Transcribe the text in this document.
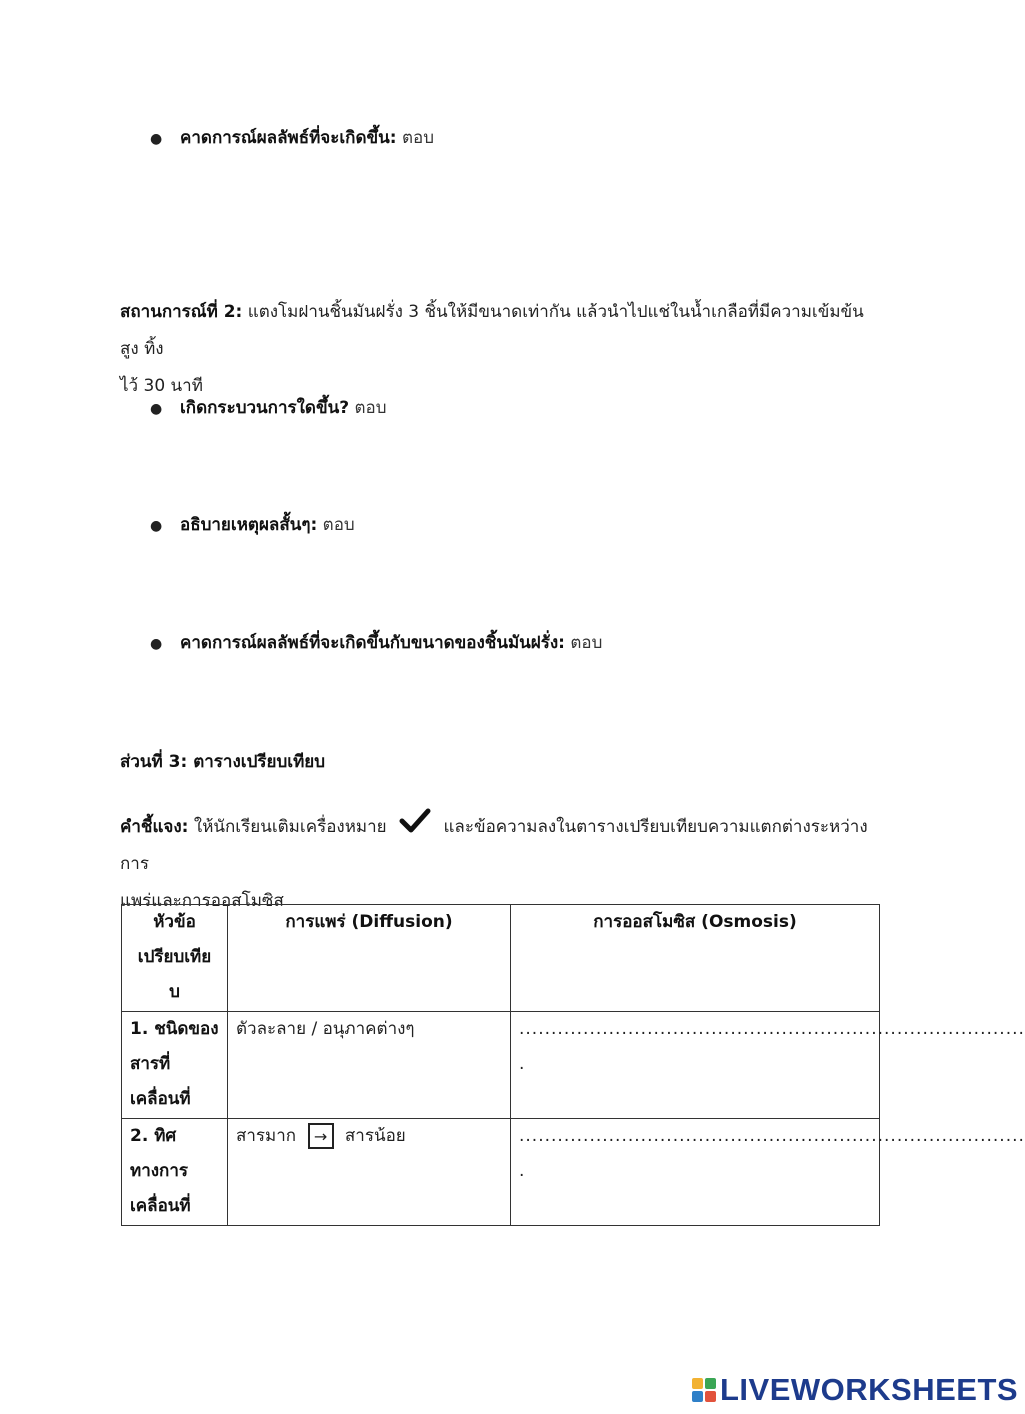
●	คาดการณ์ผลลัพธ์ที่จะเกิดขึ้น:
ตอบ
สถานการณ์ที่ 2: แตงโมฝานชิ้นมันฝรั่ง 3 ชิ้นให้มีขนาดเท่ากัน แล้วนำไปแช่ในน้ำเกลือที่มีความเข้มข้นสูง ทิ้ง
ไว้ 30 นาที
●	เกิดกระบวนการใดขึ้น?
ตอบ
●	อธิบายเหตุผลสั้นๆ:
ตอบ
●	คาดการณ์ผลลัพธ์ที่จะเกิดขึ้นกับขนาดของชิ้นมันฝรั่ง:
ตอบ
ส่วนที่ 3: ตารางเปรียบเทียบ
คำชี้แจง: ให้นักเรียนเติมเครื่องหมาย	และข้อความลงในตารางเปรียบเทียบความแตกต่างระหว่างการ
แพร่และการออสโมซิส
หัวข้อ
เปรียบเทีย
บ	การแพร่ (Diffusion)	การออสโมซิส (Osmosis)
1. ชนิดของ
สารที่
เคลื่อนที่	ตัวละลาย / อนุภาคต่างๆ	...............................................................................
.
2. ทิศ
ทางการ
เคลื่อนที่	สารมาก → สารน้อย	...............................................................................
.
LIVEWORKSHEETS
